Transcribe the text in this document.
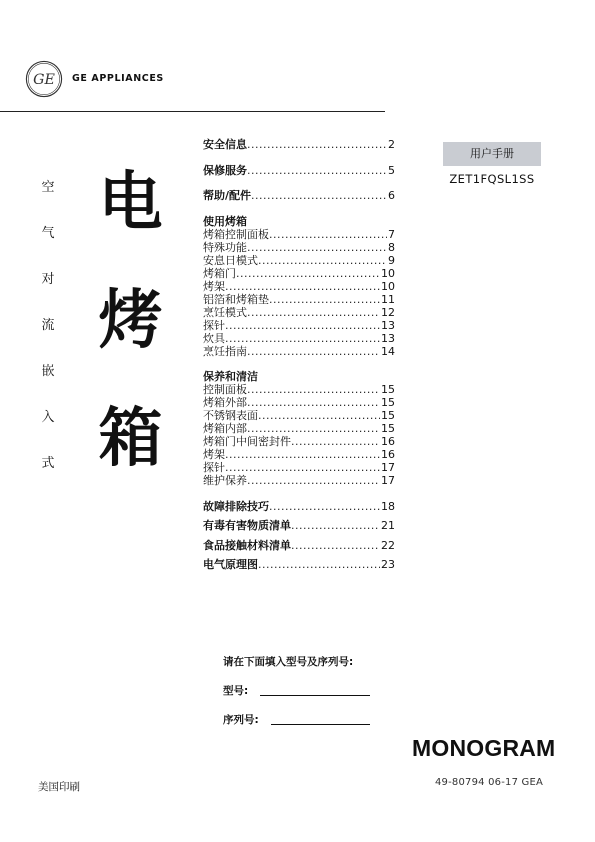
GE GE APPLIANCES
空
气
对
流
嵌
入
式
电
烤
箱
安全信息 .....	2
保修服务 .....	5
帮助/配件 .....	6
使用烤箱
烤箱控制面板 .....	7
特殊功能 .....	8
安息日模式 .....	9
烤箱门 .....	10
烤架 .....	10
铝箔和烤箱垫 .....	11
烹饪模式 .....	12
探针 .....	13
炊具 .....	13
烹饪指南 .....	14
保养和清洁
控制面板 .....	15
烤箱外部 .....	15
不锈钢表面 .....	15
烤箱内部 .....	15
烤箱门中间密封件 .....	16
烤架 .....	16
探针 .....	17
维护保养 .....	17
故障排除技巧 .....	18
有毒有害物质清单 .....	21
食品接触材料清单 .....	22
电气原理图 .....	23
用户手册
ZET1FQSL1SS
请在下面填入型号及序列号:
型号:
序列号:
MONOGRAM
美国印刷	49-80794 06-17 GEA
